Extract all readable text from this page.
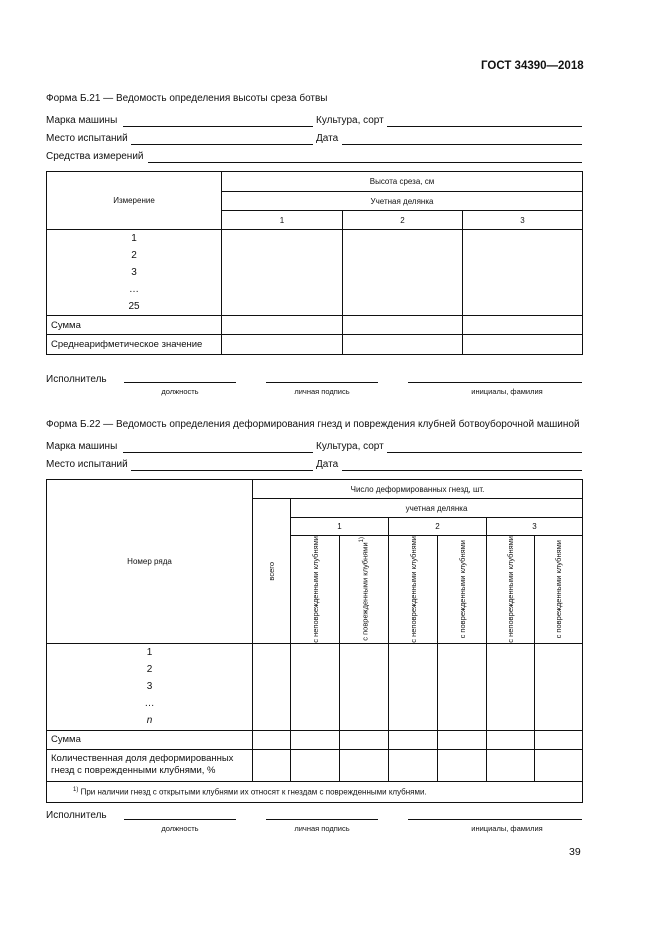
ГОСТ 34390—2018
Форма Б.21 — Ведомость определения высоты среза ботвы
Марка машины	Культура, сорт
Место испытаний	Дата
Средства измерений
Измерение	Высота среза, см		
	Учетная делянка		
	1	2	3

1
2
3
…
25			

Сумма			
Среднеарифметическое значение			
Исполнитель
должность	личная подпись	инициалы, фамилия
Форма Б.22 — Ведомость определения деформирования гнезд и повреждения клубней ботвоуборочной машиной
Марка машины	Культура, сорт
Место испытаний	Дата
Номер ряда	Число деформированных гнезд, шт.						

	всего	учетная делянка					
		1		2		3	

		с неповрежденными клубнями	с поврежденными клубнями$^{1)}$	с неповрежденными клубнями	с поврежденными клубнями	с неповрежденными клубнями	с поврежденными клубнями

1
2
3
…
n							

Сумма							
Количественная доля деформированных гнезд с поврежденными клубнями, %							
$^{1)}$ При наличии гнезд с открытыми клубнями их относят к гнездам с поврежденными клубнями.							
Исполнитель
должность	личная подпись	инициалы, фамилия
39
